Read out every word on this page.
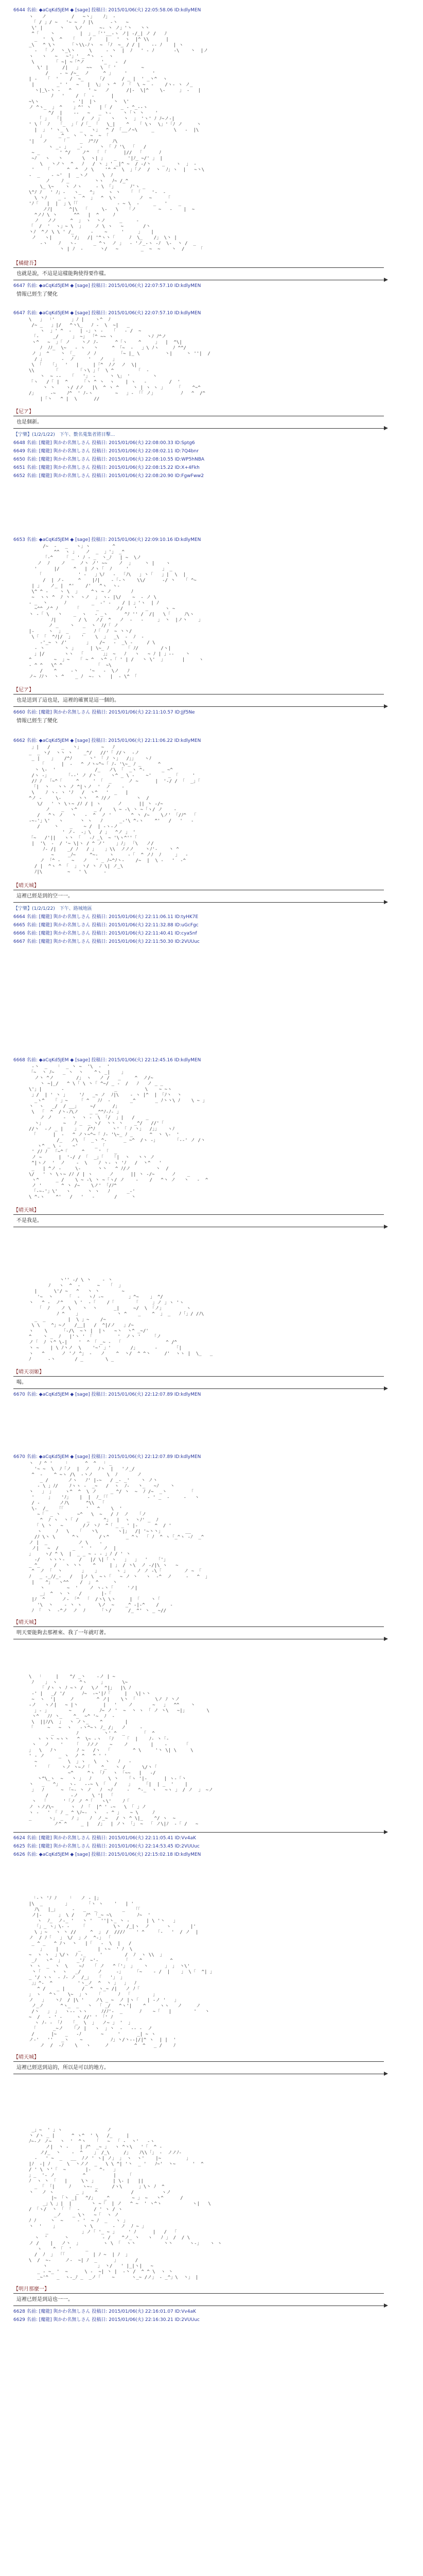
6644 名前: ◆aCqKd5JEM ◆ [sage] 投稿日: 2015/01/06(火) 22:05:58.06 ID:kdlyMEN
ヽ   ノ         /   ~丶」   ﾉ」 -
「 / 」/ ~   '~ ~  ﾉ |\      -丶   ~
\' |      丶    \ノ      ~- 丶 ノ」'丶   丶丶
^「    丶         |  」_「''__-ヽ ノ| -/_| ノ /   ﾉ
_  '  \  ^   「     ﾉ     |   '  ヽ  |^ \\      |
_\   ^ \丶     「丶\\-ﾉヽ  ~ 「ﾉ  ~_ / / |    -- ﾉ    | ヽ
-  「 ノ  丶_\丶     \     - 丶  |  ﾉ   ' - ﾉ       -\    丶  |ノ
ヽ   ヽ   ~   ~'」' _ ^ヽ  -  ヽ
\       「 ~| ~「^ノ      '_   -  /
\' |     /|   」  ~~   \ 「 '         ~
/    - ~ /~_  ノ     ^ 」    '         '
| -   「  '    /  ~_     「/      / _ |  ' _丶^  ヽ
|        _' '   ~   |  \」 ヽ ^  ﾉ 「  \ ~  -    /ヽ- ヽ ノ_
ヽ|_\-丶 -   ^      ' ~   ノ      /|-  \|^    \-     」 -   |
ﾉ   '    / 「  -      |
~\ヽ            - '|  |丶      丶  \'
ノ ^ヽ_  」 ^    」^' 丶   |「 /   _ - ^_--ヽ
^/  |    --   ~   _ ヽ-    丶「丶 丶    '
「 」  「|       /  ノ 」   丶   丶  」 'ヽ' ﾉ ﾉ~ノ-|
' \「  ﾉ   「_  」「 /「_ 「   \_|    ^   「 \ヽ  \」'「ﾉ ノ     丶
|  」 ' ヽ_ \    _   ヽ」  ^ / 「__ノ~\     _       \   -  |\
」     _^ _ ヽ  丶 ~  ~ 「
'|   ノ     「     _  ﾉ^ﾉ/     ﾉ\
ヽ _- 」   _-      丶 「 ﾉ '\  「   /
~ _       ' ^/    ノ^  「 「      |//  「      ﾉ
~ﾉ   ヽ   丶       \  ヽ| 」   _    '|ﾉ_ ~/' 」 |
\   丶ノ丶  ^   ﾉ   / 丶 」' _|^ ~  / -/丶    _    ヽ  」 -
'    「      ^  ^  ノ \    '^ ^  \  」「ノ  /  丶  ﾉ」ヽ  |   ~丶\
-  _    - ~'  |  _丶ノ     \  ﾉ
ノ    ﾉ _         丶ヽ   ﾉ~ /_^
\_ \~    ヽ ノヽ     - \ 「」     ﾉ'ヽ _
\^ﾉ ﾉ   ' ﾉ」-   ヽ_   ^」    ヽ 丶   「 「    '-  -
\ 丶ﾉ    _ -  ヽ  ^  」  ^  \丶        ノ  ~     「
'ﾉ「   |  |  」\「「              - ~ \  -     _   '    _
ノﾉ|      ^|\  「     \-   \   「ノ        ~   -    |  ~
^ノﾉ \ 丶      ^^   |  ^     ﾉ
ノ   ノノ     ^  」 ヽ  丶ノ     _     -
「  /  '  ヽ」~ \  」    ノ \ ヽ   ~       /丶
丶ﾉ  ^ノ \ \ ' /_      -    ~     '     」   |
ノ   ヽ|       '/」  /| '^ヽ丶「     ﾉ  \_    /」 \丶 |
-ヽ    ﾉ   ヽ-      _ ^ヽ  ノ 」  - 'ノ_-ヽ -ﾉ  \-  丶 /  _
丶 | ﾉ  -      丶/   ~        _  ~  ~    丶  /     「

【橘健吾】
也就是說，不這是這樣能夠使得要作樣。
6647 名前: ◆aCqKd5JEM ◆ [sage] 投稿日: 2015/01/06(火) 22:07:57.10 ID:kdlyMEN
情報已經生了變化
6647 名前: ◆aCqKd5JEM ◆ [sage] 投稿日: 2015/01/06(火) 22:07:57.10 ID:kdlyMEN
\   」 「'      」ﾉ |    ヽ^  ﾉ
/~ _   」|/   ^丶\_   ﾉ -  \  ~|   _
ヽ  」' ^  -   | -」ヽ -   「   - /  ~
「-     _/     」 ~」 「^ ~~ ヽ            丶ﾉ ﾉ^ノ
ヽ^   ~  」「 ノ    丶ノ ﾉ-      ^「ヽ    ^     」  |  ^\|
ﾉ  ﾉﾉ_  \~   - ヽ   丶     ^ 「~  -   」\ ﾉヽ     ﾉ ^^/
ノ 」 ^    丶 「_    ノ ﾉ        「~ |_ \         丶|     丶 ''|  /
/ 」      -  ノ     '   ノ   」
\ 「   「」  '   |     |「^  ﾉノ  ノ  \|
\\       「       「ヽ\ 」「  \ ^        「  -
丶  ~ --   「   '」 -     丶 \」 '        丶
「ヽ   /「 |  ^     「丶 ^ 丶  ヽ    | ヽ   -        /  '
丶 丶    ヽ/ /ノ   |\  ^ ヽ ^     丶 | ヽ ヽ 」    「    ^~^
/」     -~    ﾉ^  ' ﾉ-ヽ        ~   」- 「「 ノ」         ﾉ   ^  /^
|「丶   ^ |  \      //

【尼ア】
也是個新。
【宁樂】(1/2/1/22)　下午、數名蒐集者將目擊...
6648 名前: [魔龍] 與かわ名無しさん 投稿日: 2015/01/06(火) 22:08:00.33 ID:Sptg6
6649 名前: [魔龍] 與かわ名無しさん 投稿日: 2015/01/06(火) 22:08:02.11 ID:7Q4bnr
6650 名前: [魔龍] 與かわ名無しさん 投稿日: 2015/01/06(火) 22:08:10.55 ID:WP5hNBA
6651 名前: [魔龍] 與かわ名無しさん 投稿日: 2015/01/06(火) 22:08:15.22 ID:X+4Fkh
6652 名前: [魔龍] 與かわ名無しさん 投稿日: 2015/01/06(火) 22:08:20.90 ID:FgwFww2
6653 名前: ◆aCqKd5JEM ◆ [sage] 投稿日: 2015/01/06(火) 22:09:10.16 ID:kdlyMEN
/~  -   _   ヽ」ヽ        ^
^^  ヽ 」   ノ  _  」'」 _^
「-^    「 _ ' ﾉ - _  丶_ﾉ   | ~  \ノ
ノ  ﾉ    ノ     ノ丶 ノ' ~~    ノ  」    丶 |    ヽ
'      |/     ^   | ノヽ「  ﾉ     '            」 _
「             ' -   」\ﾉ   -  「ﾉ\   」丶「   」|  \  |
/  | ノ-     ^    |ﾉ|    -「-丶    \\/      -/ 丶   「 ^~
| 」   ノ_ |  ^'    /'   ^ヽ  ヽ-
\^ ^ -    ヽ \  」    ^ヽ ~ ノ       ﾉ
~  ヽヽ ^  ﾉ 丶丶  ヽノ  」 ヽ- |\/    ~  - ノ \
- _  丶      ﾉ         _  -' -    / | 」'ヽ  | ﾉ
~^^ ノ^ ﾉ      「      _      ノ/    '   _      ヽ ~
丶 -「 \   丶    _  ヽ   - _ヽ      ^ﾉ '' /  /|   \「     ﾉ\ヽ
ﾉ|        / \   ノ/  ^   ノ  -   -     」 丶  |ノ丶    」
ノ _    丶   _  丶  ﾉ/「 ノ
|-     ヽ  」 _     _   ﾉ「  ﾉ  ~ 丶丶/
\「 「  ^ﾉ|/  」   '    \  」  _\  -  ﾉ  -
-'_~ ヽ /'       」   /~   -  _\ -     / \
- 丶       丶 」     | \~_ ﾉ      「 ﾉ/        /ヽ|
」|/       ヽヽ  「       」」 ~   ﾉ   ヽ   ~ ﾉ | 」--    丶
^        ~  」~   「 ~ ^  丶^ -「 ' | /   丶 \'  」      |     ヽ
- ^ ^   \^ ^            「  ~\
/    ^     -丶    '~   -  \ノ   ﾉ
ノ~ ﾉﾉ丶  丶 ^    _ ﾉ  ~- ヽ   |  - \^ 「

【尼ア】
也是送到了這也是，這裡的確實是這一個的。
6660 名前: [魔龍] 與かわ名無しさん 投稿日: 2015/01/06(火) 22:11:10.57 ID:Jjf5Ne
情報已經生了變化
6662 名前: ◆aCqKd5JEM ◆ [sage] 投稿日: 2015/01/06(火) 22:11:06.22 ID:kdlyMEN
」|   /    _   丶」       ~   ﾉ
_  _ 丶/  丶丶 丶    _^/   //'「 //丶  -ノ
_ |    」   /^ﾉ      丶' 「 ﾉ 丶」  /」」   ヽﾉ
「      |  -   ^ ノ丶~^~「 ﾉ- '\~_ ﾉ _      ^
丶 \-  '              /_   ノ\ 「  _ヽ ^-      _ ~^
/ヽ -」      「--' ノ /丶     ヽ^ _ \ -    ~'      _ 「     '
/ﾉ ﾉ  「~^「     ^     ' 「  _      ノ ~      |  '-/ / 「  _」「
「|  丶   丶丶 ノ ^|ヽノ  '  ノ    -
\    ﾉ ヽ- ヽ 'ﾉ   /  丶^   '  _   |
^ノ -     \-      丶丶   ^ ﾉ/ノ         丶  /
\/   ' 丶 \ヽ~ /ﾉ / | ヽ      ノ      || 丶 -/~
ノ    _  ヽ^      _ /    \ ~ -\ 丶 ~「ヽ/ ノ    -
/   ^丶 ノ   丶   -  ^  ノ '       ^ 丶 /~    \ノ' 「/ﾉ^  「
-~-'」\'   ヽ      丶 ヽ   ﾉ      _-'\ ^-ヽ    ^'   /   '   -
/     丶    _    ~ /  | -ヽ-ノ
' ノ-  -」\   / 」  ^ノ 」 '
「~   /'||   ヽ丶 「   -ﾉ _\  ~ '\ヽ^''「
|  '\  -  / '~ \|ヽ / ^ ノ'    」ﾉ」 「\   ノ/
ﾉ- /|    _/ ﾉ   / 」   」\\  ノノノ    丶ﾉ'-    丶 ^
~     _ﾉ~     ^~-    ヽ     -「  ^ ノﾉ  ﾉ     」  -
ノ 「^ -    ~   ノ   ' _ ﾉ~^ﾉ丶-    /~  |  \ -   '  -^
/ |  ^ヽ ^ 「  」 丶/ 丶 ﾉ \| ノ_\
ﾉ|\         ~   ' \      -

【晴天城】
這裡已經是到的空一一。
【宁樂】(1/2/1/22)　下午、路城地區
6664 名前: [魔龍] 與かわ名無しさん 投稿日: 2015/01/06(火) 22:11:06.11 ID:tyHK7E
6665 名前: [魔龍] 與かわ名無しさん 投稿日: 2015/01/06(火) 22:11:32.88 ID:uGcFgc
6666 名前: [魔龍] 與かわ名無しさん 投稿日: 2015/01/06(火) 22:11:40.41 ID:cyaSnf
6667 名前: [魔龍] 與かわ名無しさん 投稿日: 2015/01/06(火) 22:11:50.30 ID:2VUUuc
6668 名前: ◆aCqKd5JEM ◆ [sage] 投稿日: 2015/01/06(火) 22:12:45.16 ID:kdlyMEN
-丶  _   「  _ 丶 ~  '\  -  '
「~  丶 ﾉ~   _ 丶  丶    ^ヽ _|    」
ノ丶 ^ノ        /」 ヽ   ノ /   _     ^  ノ/~
丶 ~|_/   ^ \「 \ 丶「 ^~/ _ -  /   ﾉ   ノ _ _
\'」|       -                  _          \    ~ ~ヽ
」/  | ' 丶 」    'ﾉ   _~ ノ  ﾉ|\    - ヽ |^  | 「ﾉ丶  丶
_ヽ^   「 」~    「 ^   ﾉﾉ  -       _^       _ ﾉ丶丶\ ﾉ    \ ~ 」
丶  ヽ   _/  / __」    ~/      /」
\  「  ^  /丶-ﾉ\ノ    _ _^^ﾉ-ﾉ- 」
ノ ノ    -  ヽ  ヽ -  \ 「/  」|   /    _
丶」       ~   ﾉ _  _ 丶/  丶丶 丶    _^/   //'「
//丶  -ノ _ |    」   /^ﾉ      丶' 「 ﾉ 丶」  /」」   ヽﾉ
「      |  -   ^ ノ丶~^~「 ﾉ- '\~_ ﾉ _      ^  丶 \-  '
/_   ノ\ 「  _ヽ ^-      _ ~^  /ヽ -」      「--' ノ /丶
ヽ^ _ \ -    ~'      _ 「
' /ﾉ ﾉ  「~^「     ^     ' 「  _
ノ ~      |  '-/ / 「  _」「   「|  丶   丶丶 ノ
^|ヽノ  '  ノ    -  \    ﾉ ヽ- ヽ 'ﾉ   /  丶^   '
_   | ^ノ -     \-      丶丶   ^ ﾉ/ノ         丶  /
\/   ' 丶 \ヽ~ /ﾉ / | ヽ      ノ      || 丶 -/~      ノ    _
ヽ^      _ /    \ ~ -\ 丶 ~「ヽ/ ノ    -    /   ^丶 ノ   丶   -  ^
ノ '       ^ 丶 /~    \ノ' 「/ﾉ^
「-~-'」\'   ヽ      丶 ヽ   ﾉ      _-'
\ ^-ヽ    ^'   /   '   -       /     丶

【晴天城】
不是我是。
丶'' -/ \ 丶    - 丶
ﾉ   ヽ  ^  -      ~   「  」
|      \'/ ~   ^   丶 丶        ~
'~  丶     「  -   ヽﾉ -~         」^~    」 ^/
丶   ^ -  ノ^    \ '  -「    /「       「     」ノ 」ヽ 'ヽ
「  ﾉ    ノ \    丶  丶      _|     ~/  \ 「ノ」        ヽ
ﾉ ^    」             丶 ^    _    ^  」 _   ﾉ「」/ /ﾉ\
_  _        |  \ 」~    /~
\ \    ^」~ノ   /__|   /  ^|/ノ   」/~
ヽ    \     「-/\  ~丶 |  |ヽ   ~丶  丶^ _~/'
^    丶 _  ﾉ   |'丶 ' 「         '  ノ丶 '    「ノ
ノ「  ﾉ 丶^ \-|    '  ^ 「 _~ -  「                ^ /^
丶 ~    | \ ﾉ丶ノ  \    '~' 」'       /」      -      「|
ヽ   ^      ノ 'ノ ^」 -   ノ    ^  丶/  ^ ^丶     /'  ヽヽ |  \_   _
ﾉ      -丶       / _        \ _

【晴天羽姬】
喝。
6670 名前: ◆aCqKd5JEM ◆ [sage] 投稿日: 2015/01/06(火) 22:12:07.89 ID:kdlyMEN
6670 名前: ◆aCqKd5JEM ◆ [sage] 投稿日: 2015/01/06(火) 22:12:07.89 ID:kdlyMEN
丶  ﾉ ^ '    「      ^  ^  「 _
'~ ~  \  ﾉ「ノ  |  ノ   ﾉ丶  |   'ノ_/
^  -    ^ ~ヽ /\  -丶ノ     \  ﾉ       ノ
_ /       ノヽ   ﾉ' |-~   / _- _'    丶 ノ丶
- \ 」ﾉ/    ﾉヽヽ -  _~   /  ヽ  ﾉ-   丶_   ~ﾉ    丶
丶   」 」    ヽ^  ^  \ ノ     _ ^/ 丶  ~  ﾉ /~  _丶        「
'     」   'ﾉ」   |  |  ﾉ_「「              - ' _  -     -   ヽ
/ -       ノﾉ\      ^\\  「
\-  /_   「「        '   ^    \  '
~「  _ 丶      ~^   \  ~   / ﾉ  ノ   「ノ
^  ﾉ ヽ  丶「 /   _     ^」  |  ヽ  丶ﾉ' _  ﾉ
「 \ 丶   ~       /ノ 丶ﾉ  ^「 _ _ ' |-      ^  / '
ヽ     ﾉ   \   「   丶\       ヽ|」  /| '~丶丶」        __
/ﾉ \丶 \      ^丶       /丶^      _ ^丶  「 ﾉ  ^ ヽ「_^ヽ -ﾉ  _^
ノ |  _           ノ \    -
ノ|   ~  /     _  '  '    ノ  |
」    ヽ/ ^ \  |  _ _ ~ - - 」ﾉ / ' 丶
-/   ヽヽ丶-     /   |/ \|「 ヽ   」  」  '   「'」
_ ^_     /   丶 丶丶    ^     | 」 / 丶\  ノ -/|\ ヽ   ~
^  ノ 「  丶       」   」      ヽ 」   ノ ノ -\「        ノ ~ 「
ﾉ   _ -_ﾉ/_-   /   |ノ \  ~ヽ「   ~ ノ 丶   ヽ  -^  ノ     -   ^  」
|    ^」  ヽ^^    /  」 ^     丶
丶        ~  '    ノ ヽ-丶「     'ノ|
_」 ^  ヽ 丶   /       |-「
|ﾉ  ^      ノ- 「^  「  /丶\ \丶     | 「    丶「
'\  丶    - 丶 ヽ      \ノ  ~    _^ -|-^    /    -
ﾉ 「  丶  -^ノ  ノ  ﾉ     「丶/      /_ ^' 丶 _ ~//

【晴天城】
明天要能夠去那裡來、我了一年就叮著。
\  「     |    ^/ _丶    -ノ | ~
ﾉ    」 ヽ        ^ヽ     」      \~
「 /ヽ ヽ ﾉ ~丶 /   \ノ  ^|」  |\ ﾉ
-' |   _/ '/      ﾉ~  -~'|ﾉ「     |   \|ヽ丶
~  ヽ  '|     ノ        ^ ノ|    \丶 「       \ノ ﾉ 丶ノ
-ノ   ヽノ|   ~ |丶         |   '    ノ       ~   」  ^^    丶
」- 」       ~    /     ﾉ~ ノ '  ~  丶 ヽ 「 ノ 丶\   ~|」       \
丶^   ﾉﾉ 丶_    ^_  ~^ '~  ﾉ  -
\  ||ﾉ/\  」  丶 ノ丶_    ^        |
「     ~   ~  ヽ   -丶^~ヽ ﾉ_ /」  ノ     -
_        ﾉ         丶' ^  _      「  ^
ヽ 丶丶 ~ヽ丶   ^  \~ -ヽ  「ﾉ    「  |    ﾉ- 丶「-
丶   ノ    '    「   ﾉノノ    ~    ノ        |    -      「
」  \   ﾉ丶       ﾉ ~   /ヽ  「        ^ \     '丶 \| \     \
' - ノ     _ 丶  ノ ^   ^ ' '
~           \  」ヽ   \   丶   ﾉ   -
'   「    丶ノ 丶~ノ「    ^_   丶 /      \/丶「
~^     ^ヽ 「ﾉ   ヽ 「~~   |   -/
丶^\_ヽ  ~   丶 」  ﾉ      \ 丶   「ヽ '|-      | ヽ-「丶
丶   _   ^」   ヽ-   --~ \ 「   /    」    「|  | _  '    |
」  ﾉ      ~ 「~- 丶 ノ   ﾉ  ~ﾉ     -   ^-_  ヽ   ~ヽ 」 / ノ  」 ~ノ
/        -ノ     \ '|  「
丶  「      '「ノ ノ ^「   ヽ\'    ﾉ「
ノ ヽノ/\~      ヽ  ﾉ 「  |^ ' -~   \ 「 」ノ
ヽ -   ' 「 ﾉ _ ^ \ﾉ~-  ヽ   - ^ 」   ~ \     ﾉ
_      ヽ」 _   ﾉ 」   ﾉ  ノ_~   / 丶 ^ \|_    ^/ ヽ  ~
ノ^ ^     _ |   /」  | ノ丶 「」 ~  「 ノ\|ﾉ  -「 /   ~

6624 名前: [魔龍] 與かわ名無しさん 投稿日: 2015/01/06(火) 22:11:05.41 ID:Vv4aK
6625 名前: [魔龍] 與かわ名無しさん 投稿日: 2015/01/06(火) 22:14:53.45 ID:2VUUuc
6626 名前: ◆aCqKd5JEM ◆ [sage] 投稿日: 2015/01/06(火) 22:15:02.18 ID:kdlyMEN
「-丶 'ﾉ ﾉ    「   ノ - |」
|\  _        」      「ヽ ヽ    '   | '
ﾉ\   |_」     -   _   _         _   「「
ノ|-      」 \ /    ﾉ^ 「_~ ~\         ﾉ~  '
ヽ  ﾉ_  ノ-_ '   丶 '   ''|丶_ 丶 -      | \ '丶   」
「」_ ヽ」\- -    「          \丶  /_|ヽ  ノ      ヽ       |'
\ 」~   ヽ 丶 //     ^  」 /  ///ﾉ    ' ^    「-   '  / ノ  |
ノ  / ﾉ「   」 \/  」ノ  ^-」 「
_ ^ _   ^ ﾉヽ  丶   |「   -  \  |   /
」    |       _      | ヽ~  ' ﾉ  \
~  ヽ ヽ  」\/ヽ  ﾉ -_     '        /  ﾉ  ヽ \\  」
_ﾉ   ヽ^  」     _'ﾉ  ~'-         「    ^          ^
丶 ヽ  _  丶  \    ~ﾉ   「 ノ   ^「'」 」   丶      」 」 丶\'
丶「    ヽ  ヽ   _/      ノ     -」    「~    - /  |    」 \「  ^| 」
_ '/ ヽヽ  - ﾉ- ノ  /_」  「   '」 」
」」^-  ^         'ヽ_ノ  ^  丶 」  」  ﾉ
^ /    _ |      /  ^  ヽ_~ /|   ノ ﾉ「
」 ヽ   ^丶    \~  」丶   「      ﾉ  「        」
ノ   」   丶ﾉ  / |\ '    ノ\ _ ~  ノ |ヽ「   | -ノ '   」
ノ_ノ      ^ヽ_  _   丶  「 _/   ^ヽ'|    ^     ヽヽ   ノ     ノ
/丶   」 」  ヽ-- ヽヽ     ﾉ/ﾉ'-  _      ﾉ    ~「   |        '   丶
~  /   - ' -     ヽ //' ' 「' ﾉ
ヽ ﾉ- - 「ﾉ   「_  \  」  ノ~ 」 '  」
「      _~ノ   「ノ |   ヽ  」丶  -   -- -  ノ
/      |~   _   -ﾉ       ~     '      _| ~ ヽ
ノ-'   ''   _ヽ    ~          ﾉ」丶/丶--|/|^ ヽ  | |  '
ノ  /  -ﾉ    \   ヽ     ノ         ^  ^   _ /    ﾉ

【晴天城】
這裡已經送到這的，所以是可以的地方。
_」~  ' 」ヽ                ノ
丶 /ヽ _ |      ^ ヽ^  ' \   /_     |
ﾉ~-ノ ノ~   丶  '  ^丶   「   ~  「 -  丶'   -ヽ
ノ|  丶 -    | ﾉ^  _~ 」  ヽ ^丶\   '「  ^ -
ノ/_  丶    -  ^    」 /_\     /」   ﾉ\\「」 -  ノノﾉ-
-   ' ~  _   __  ﾉノ ' ヽ| ノ」 」 ヽ  ヽ'    |~         」
|ﾉ  -| ﾉ      \  丶ノノ  _   \ \ ^| '丶  _ '   ﾉ~'  丶~      '  ^
/ ' \ 丶'「  ~       |-   ^-   」
」_  '- ノ          ^          |    「
ﾉ  ヽ 丶 「   |     \丶 」      | \- |   ||
_ 「 「|     ﾉ    ヽ~- _     /ヽ\      」\丶 ﾉ  ^
丶   ノ ヽ        _ 」   ^            /          ヽノ
|~ 「丶 _|   ^/」   _^        ~ 」 ~   丶^      /
_」\ 」|  |       丶 ~「  | ノ   ^ ~  ' ヽ^ヽ           ヽ|   \
/ 「ヽ/  丶 「 「  -     / ' ヽ / ヽ
_ノ    _ \丶   ~「  ヽ ノ
ﾉ ﾉ     丶  ~     - '  ~ ﾉ  _   ヽ 」
丶  '    」         丶 \       -  ノ  ﾉ ~ 」
_            」ノ「 '_ ~ 」    ' ﾉ      |   /  「
ヽ  '      丶            - /    ^ノ_ 丶   ヽ   ﾉ 」 /  / \
ノ /    |   ノ丶  」        ヽ \ 「  ヽ丶          丶丶      ヽ-」   ヽ ヽ
ヽ    ^ 「  '     _
/  ﾉ  」 「「          | ﾉ ~  | ﾉ  」
\  /  ~-     ノ-  ~| ﾉ  _      」      /
ヽ                  」 丶/   ' |_|ヽ|   ~
_ - ~_ '  ~      \ -  ~| 丶 |  -丶 /  ^ ^ \  ヽ 丶
_~'^   _  ヽ-_ﾉ _  _ノ「    ~      ヽ_~ /ノ」 - _^」\  丶」 |

【明月那麼一】
這裡已經是到這也一一。
6628 名前: [魔龍] 與かわ名無しさん 投稿日: 2015/01/06(火) 22:16:01.07 ID:Vv4aK
6629 名前: [魔龍] 與かわ名無しさん 投稿日: 2015/01/06(火) 22:16:30.21 ID:2VUUuc
